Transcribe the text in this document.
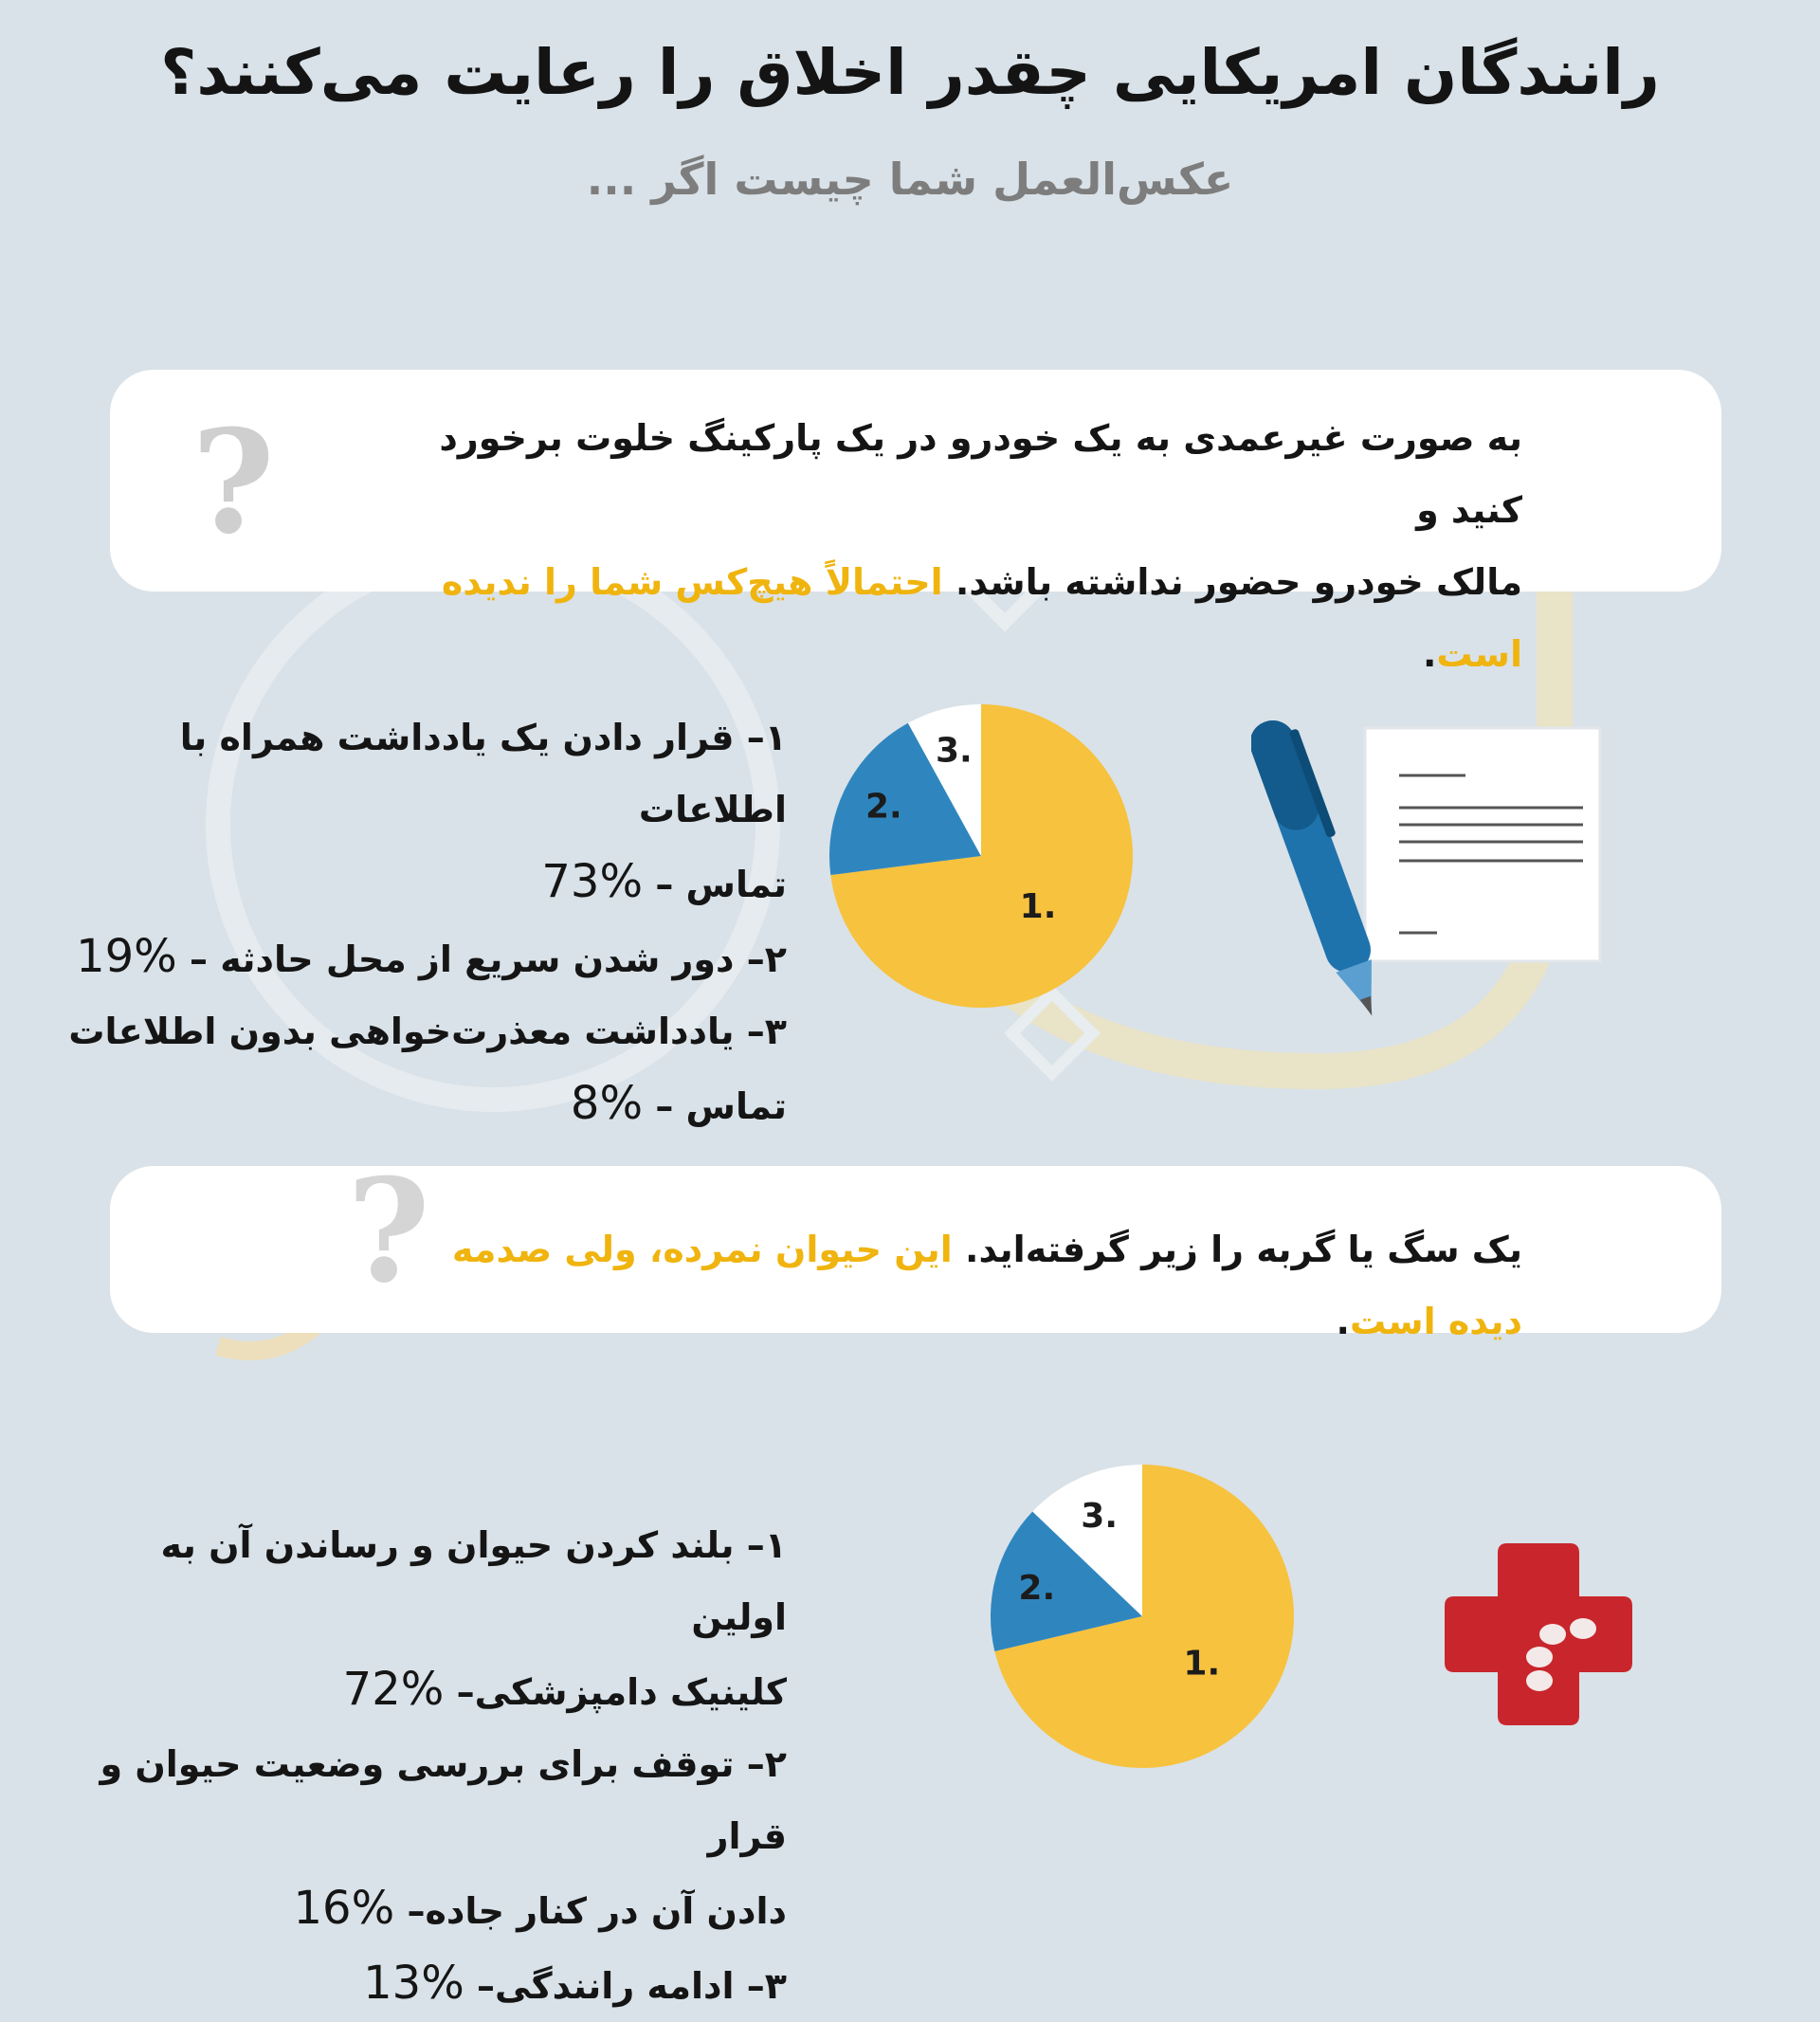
رانندگان امریکایی چقدر اخلاق را رعایت می‌کنند؟
عکس‌العمل شما چیست اگر ...
?	به صورت غیرعمدی به یک خودرو در یک پارکینگ خلوت برخورد کنید و
مالک خودرو حضور نداشته باشد. احتمالاً هیچ‌کس شما را ندیده است.
۱– قرار دادن یک یادداشت همراه با اطلاعات
تماس – 73%
۲– دور شدن سریع از محل حادثه – 19%
۳– یادداشت معذرت‌خواهی بدون اطلاعات
تماس – 8%
1.
2.
3.
?	یک سگ یا گربه را زیر گرفته‌اید. این حیوان نمرده، ولی صدمه دیده است.
۱– بلند کردن حیوان و رساندن آن به اولین
کلینیک دامپزشکی– 72%
۲– توقف برای بررسی وضعیت حیوان و قرار
دادن آن در کنار جاده– 16%
۳– ادامه رانندگی– 13%
1.
2.
3.
